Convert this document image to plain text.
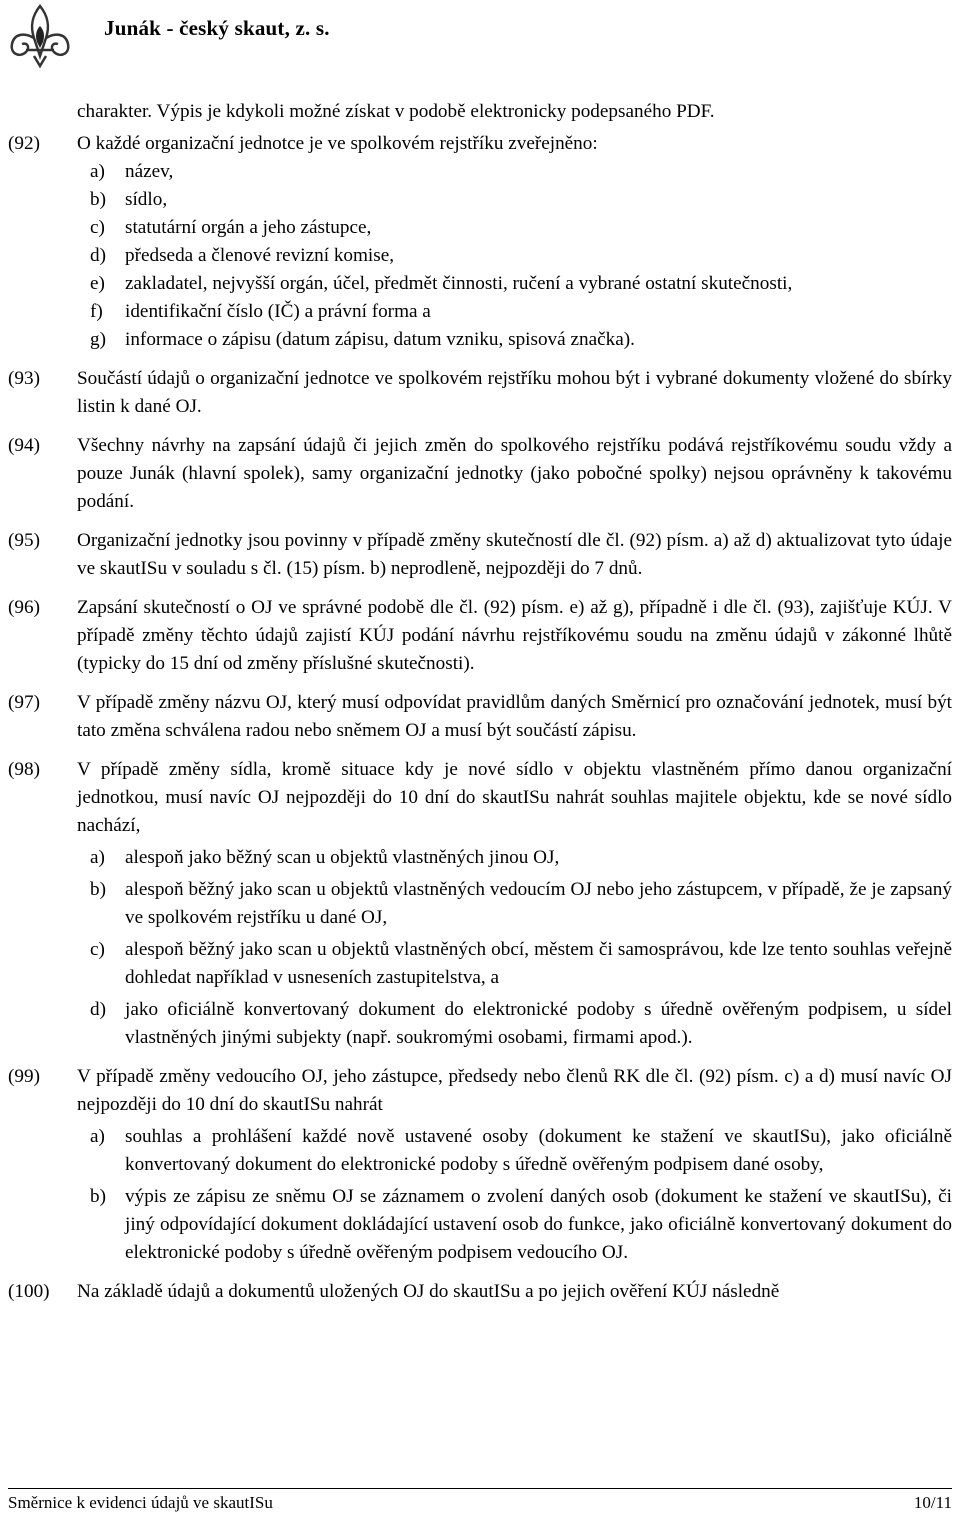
Junák - český skaut, z. s.
charakter. Výpis je kdykoli možné získat v podobě elektronicky podepsaného PDF.
(92)	O každé organizační jednotce je ve spolkovém rejstříku zveřejněno:
a)	název,
b) sídlo,
c)	statutární orgán a jeho zástupce,
d) předseda a členové revizní komise,
e)	zakladatel, nejvyšší orgán, účel, předmět činnosti, ručení a vybrané ostatní skutečnosti,
f)	identifikační číslo (IČ) a právní forma a
g) informace o zápisu (datum zápisu, datum vzniku, spisová značka).
(93)	Součástí údajů o organizační jednotce ve spolkovém rejstříku mohou být i vybrané dokumenty vložené do sbírky listin k dané OJ.
(94)	Všechny návrhy na zapsání údajů či jejich změn do spolkového rejstříku podává rejstříkovému soudu vždy a pouze Junák (hlavní spolek), samy organizační jednotky (jako pobočné spolky) nejsou oprávněny k takovému podání.
(95)	Organizační jednotky jsou povinny v případě změny skutečností dle čl. (92) písm. a) až d) aktualizovat tyto údaje ve skautISu v souladu s čl. (15) písm. b) neprodleně, nejpozději do 7 dnů.
(96)	Zapsání skutečností o OJ ve správné podobě dle čl. (92) písm. e) až g), případně i dle čl. (93), zajišťuje KÚJ. V případě změny těchto údajů zajistí KÚJ podání návrhu rejstříkovému soudu na změnu údajů v zákonné lhůtě (typicky do 15 dní od změny příslušné skutečnosti).
(97)	V případě změny názvu OJ, který musí odpovídat pravidlům daných Směrnicí pro označování jednotek, musí být tato změna schválena radou nebo sněmem OJ a musí být součástí zápisu.
(98)	V případě změny sídla, kromě situace kdy je nové sídlo v objektu vlastněném přímo danou organizační jednotkou, musí navíc OJ nejpozději do 10 dní do skautISu nahrát souhlas majitele objektu, kde se nové sídlo nachází,
a)	alespoň jako běžný scan u objektů vlastněných jinou OJ,
b) alespoň běžný jako scan u objektů vlastněných vedoucím OJ nebo jeho zástupcem, v případě, že je zapsaný ve spolkovém rejstříku u dané OJ,
c)	alespoň běžný jako scan u objektů vlastněných obcí, městem či samosprávou, kde lze tento souhlas veřejně dohledat například v usneseních zastupitelstva, a
d) jako oficiálně konvertovaný dokument do elektronické podoby s úředně ověřeným podpisem, u sídel vlastněných jinými subjekty (např. soukromými osobami, firmami apod.).
(99)	V případě změny vedoucího OJ, jeho zástupce, předsedy nebo členů RK dle čl. (92) písm. c) a d) musí navíc OJ nejpozději do 10 dní do skautISu nahrát
a)	souhlas a prohlášení každé nově ustavené osoby (dokument ke stažení ve skautISu), jako oficiálně konvertovaný dokument do elektronické podoby s úředně ověřeným podpisem dané osoby,
b) výpis ze zápisu ze sněmu OJ se záznamem o zvolení daných osob (dokument ke stažení ve skautISu), či jiný odpovídající dokument dokládající ustavení osob do funkce, jako oficiálně konvertovaný dokument do elektronické podoby s úředně ověřeným podpisem vedoucího OJ.
(100)	Na základě údajů a dokumentů uložených OJ do skautISu a po jejich ověření KÚJ následně
Směrnice k evidenci údajů ve skautISu	10/11
